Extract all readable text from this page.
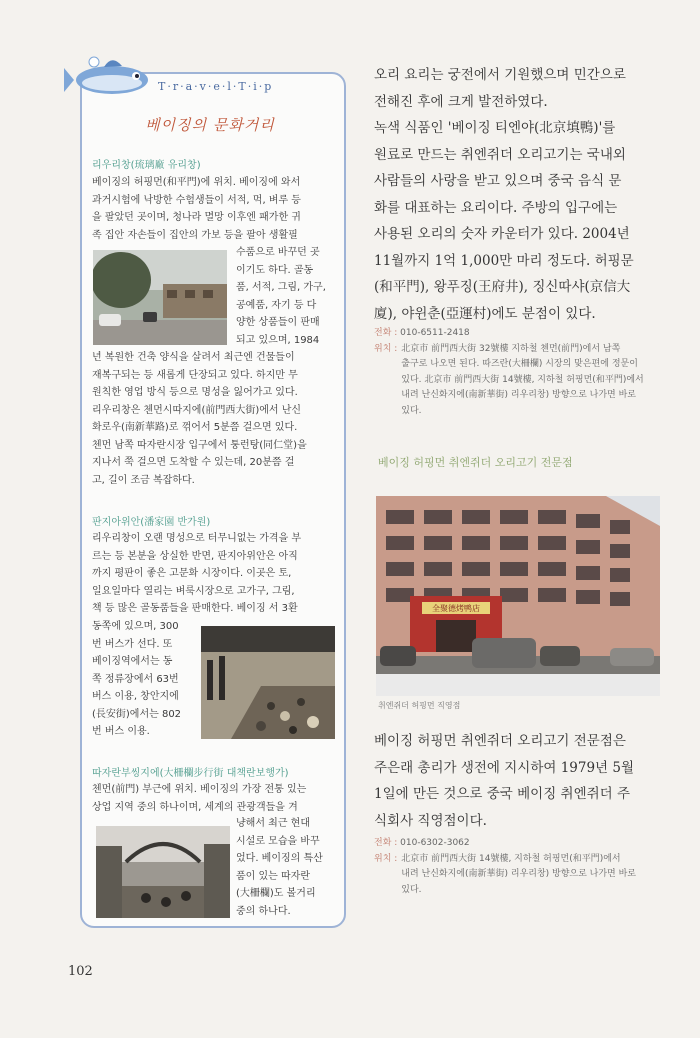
T·r·a·v·e·l·T·i·p
베이징의 문화거리
리우리창(琉璃廠 유리창)
베이징의 허핑먼(和平門)에 위치. 베이징에 와서
과거시험에 낙방한 수험생들이 서적, 먹, 벼루 등
을 팔았던 곳이며, 청나라 멸망 이후엔 패가한 귀
족 집안 자손들이 집안의 가보 등을 팔아 생활필
수품으로 바꾸던 곳
이기도 하다. 골동
품, 서적, 그림, 가구,
공예품, 자기 등 다
양한 상품들이 판매
되고 있으며, 1984
년 복원한 건축 양식을 살려서 최근엔 건물들이
재복구되는 등 새롭게 단장되고 있다. 하지만 무
원칙한 영업 방식 등으로 명성을 잃어가고 있다.
리우리창은 첸먼시따지에(前門西大街)에서 난신
화로우(南新華路)로 꺾어서 5분쯤 걸으면 있다.
첸먼 남쪽 따자란시장 입구에서 퉁런탕(同仁堂)을
지나서 쭉 걸으면 도착할 수 있는데, 20분쯤 걸
고, 길이 조금 복잡하다.
판지아위안(潘家園 반가원)
리우리창이 오랜 명성으로 터무니없는 가격을 부
르는 등 본분을 상실한 반면, 판지아위안은 아직
까지 평판이 좋은 고문화 시장이다. 이곳은 토,
일요일마다 열리는 벼룩시장으로 고가구, 그림,
책 등 많은 골동품들을 판매한다. 베이징 서 3환
동쪽에 있으며, 300
번 버스가 선다. 또
베이징역에서는 동
쪽 정류장에서 63번
버스 이용, 창안지에
(長安街)에서는 802
번 버스 이용.
따자란부씽지에(大柵欄步行街 대책란보행가)
첸먼(前門) 부근에 위치. 베이징의 가장 전통 있는
상업 지역 중의 하나이며, 세계의 관광객들을 겨
냥해서 최근 현대
시설로 모습을 바꾸
었다. 베이징의 특산
품이 있는 따자란
(大柵欄)도 볼거리
중의 하나다.
오리 요리는 궁전에서 기원했으며 민간으로
전해진 후에 크게 발전하였다.
녹색 식품인 '베이징 티엔야(北京填鴨)'를
원료로 만드는 취엔쥐더 오리고기는 국내외
사람들의 사랑을 받고 있으며 중국 음식 문
화를 대표하는 요리이다. 주방의 입구에는
사용된 오리의 숫자 카운터가 있다. 2004년
11월까지 1억 1,000만 마리 정도다. 허핑문
(和平門), 왕푸징(王府井), 징신따샤(京信大
廈), 야윈춘(亞運村)에도 분점이 있다.
전화 : 010-6511-2418
위치 : 北京市 前門西大街 32號樓 지하철 첸먼(前門)에서 남쪽
출구로 나오면 된다. 따즈란(大柵欄) 시장의 맞은편에 정문이
있다. 北京市 前門西大街 14號樓, 지하철 허핑먼(和平門)에서
내려 난신화지에(南新華街) 리우리창) 방향으로 나가면 바로
있다.
베이징 허핑먼 취엔쥐더 오리고기 전문점
全聚德烤鸭店
취엔쥐더 허핑먼 직영점
베이징 허핑먼 취엔쥐더 오리고기 전문점은
주은래 총리가 생전에 지시하여 1979년 5월
1일에 만든 것으로 중국 베이징 취엔쥐더 주
식회사 직영점이다.
전화 : 010-6302-3062
위치 : 北京市 前門西大街 14號樓, 지하철 허핑먼(和平門)에서
내려 난신화지에(南新華街) 리우리창) 방향으로 나가면 바로
있다.
102
